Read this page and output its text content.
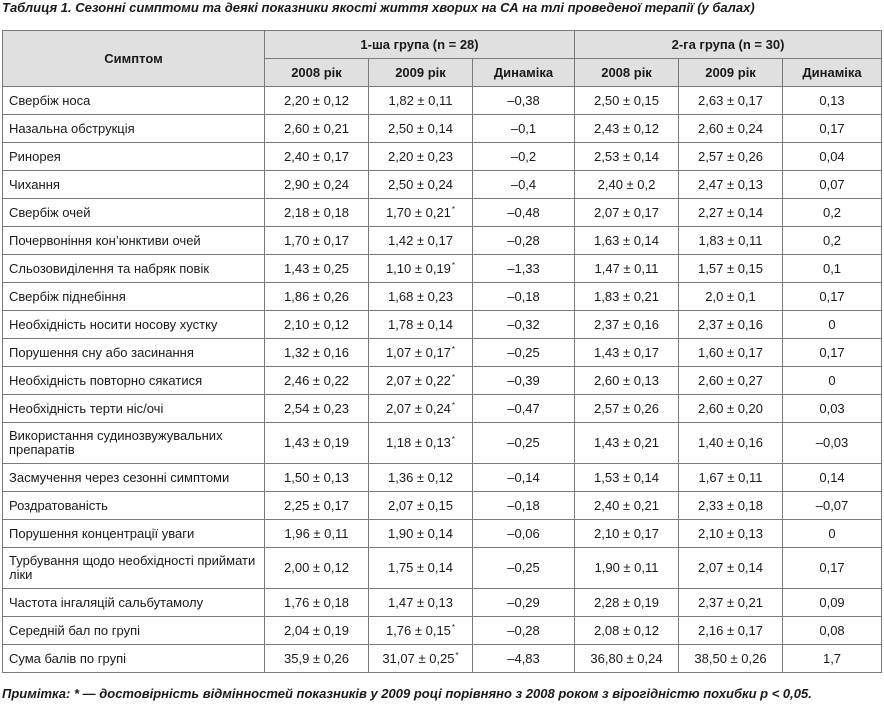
Таблиця 1. Сезонні симптоми та деякі показники якості життя хворих на СА на тлі проведеної терапії (у балах)
Симптом	1-ша група (n = 28)			2-га група (n = 30)		
	2008 рік	2009 рік	Динаміка	2008 рік	2009 рік	Динаміка
Свербіж носа	2,20 ± 0,12	1,82 ± 0,11	–0,38	2,50 ± 0,15	2,63 ± 0,17	0,13
Назальна обструкція	2,60 ± 0,21	2,50 ± 0,14	–0,1	2,43 ± 0,12	2,60 ± 0,24	0,17
Ринорея	2,40 ± 0,17	2,20 ± 0,23	–0,2	2,53 ± 0,14	2,57 ± 0,26	0,04
Чихання	2,90 ± 0,24	2,50 ± 0,24	–0,4	2,40 ± 0,2	2,47 ± 0,13	0,07
Свербіж очей	2,18 ± 0,18	1,70 ± 0,21*	–0,48	2,07 ± 0,17	2,27 ± 0,14	0,2
Почервоніння кон’юнктиви очей	1,70 ± 0,17	1,42 ± 0,17	–0,28	1,63 ± 0,14	1,83 ± 0,11	0,2
Сльозовиділення та набряк повік	1,43 ± 0,25	1,10 ± 0,19*	–1,33	1,47 ± 0,11	1,57 ± 0,15	0,1
Свербіж піднебіння	1,86 ± 0,26	1,68 ± 0,23	–0,18	1,83 ± 0,21	2,0 ± 0,1	0,17
Необхідність носити носову хустку	2,10 ± 0,12	1,78 ± 0,14	–0,32	2,37 ± 0,16	2,37 ± 0,16	0
Порушення сну або засинання	1,32 ± 0,16	1,07 ± 0,17*	–0,25	1,43 ± 0,17	1,60 ± 0,17	0,17
Необхідність повторно сякатися	2,46 ± 0,22	2,07 ± 0,22*	–0,39	2,60 ± 0,13	2,60 ± 0,27	0
Необхідність терти ніс/очі	2,54 ± 0,23	2,07 ± 0,24*	–0,47	2,57 ± 0,26	2,60 ± 0,20	0,03
Використання судинозвужувальних препаратів	1,43 ± 0,19	1,18 ± 0,13*	–0,25	1,43 ± 0,21	1,40 ± 0,16	–0,03
Засмучення через сезонні симптоми	1,50 ± 0,13	1,36 ± 0,12	–0,14	1,53 ± 0,14	1,67 ± 0,11	0,14
Роздратованість	2,25 ± 0,17	2,07 ± 0,15	–0,18	2,40 ± 0,21	2,33 ± 0,18	–0,07
Порушення концентрації уваги	1,96 ± 0,11	1,90 ± 0,14	–0,06	2,10 ± 0,17	2,10 ± 0,13	0
Турбування щодо необхідності приймати ліки	2,00 ± 0,12	1,75 ± 0,14	–0,25	1,90 ± 0,11	2,07 ± 0,14	0,17
Частота інгаляцій сальбутамолу	1,76 ± 0,18	1,47 ± 0,13	–0,29	2,28 ± 0,19	2,37 ± 0,21	0,09
Середній бал по групі	2,04 ± 0,19	1,76 ± 0,15*	–0,28	2,08 ± 0,12	2,16 ± 0,17	0,08
Сума балів по групі	35,9 ± 0,26	31,07 ± 0,25*	–4,83	36,80 ± 0,24	38,50 ± 0,26	1,7
Примітка: * — достовірність відмінностей показників у 2009 році порівняно з 2008 роком з вірогідністю похибки р < 0,05.
